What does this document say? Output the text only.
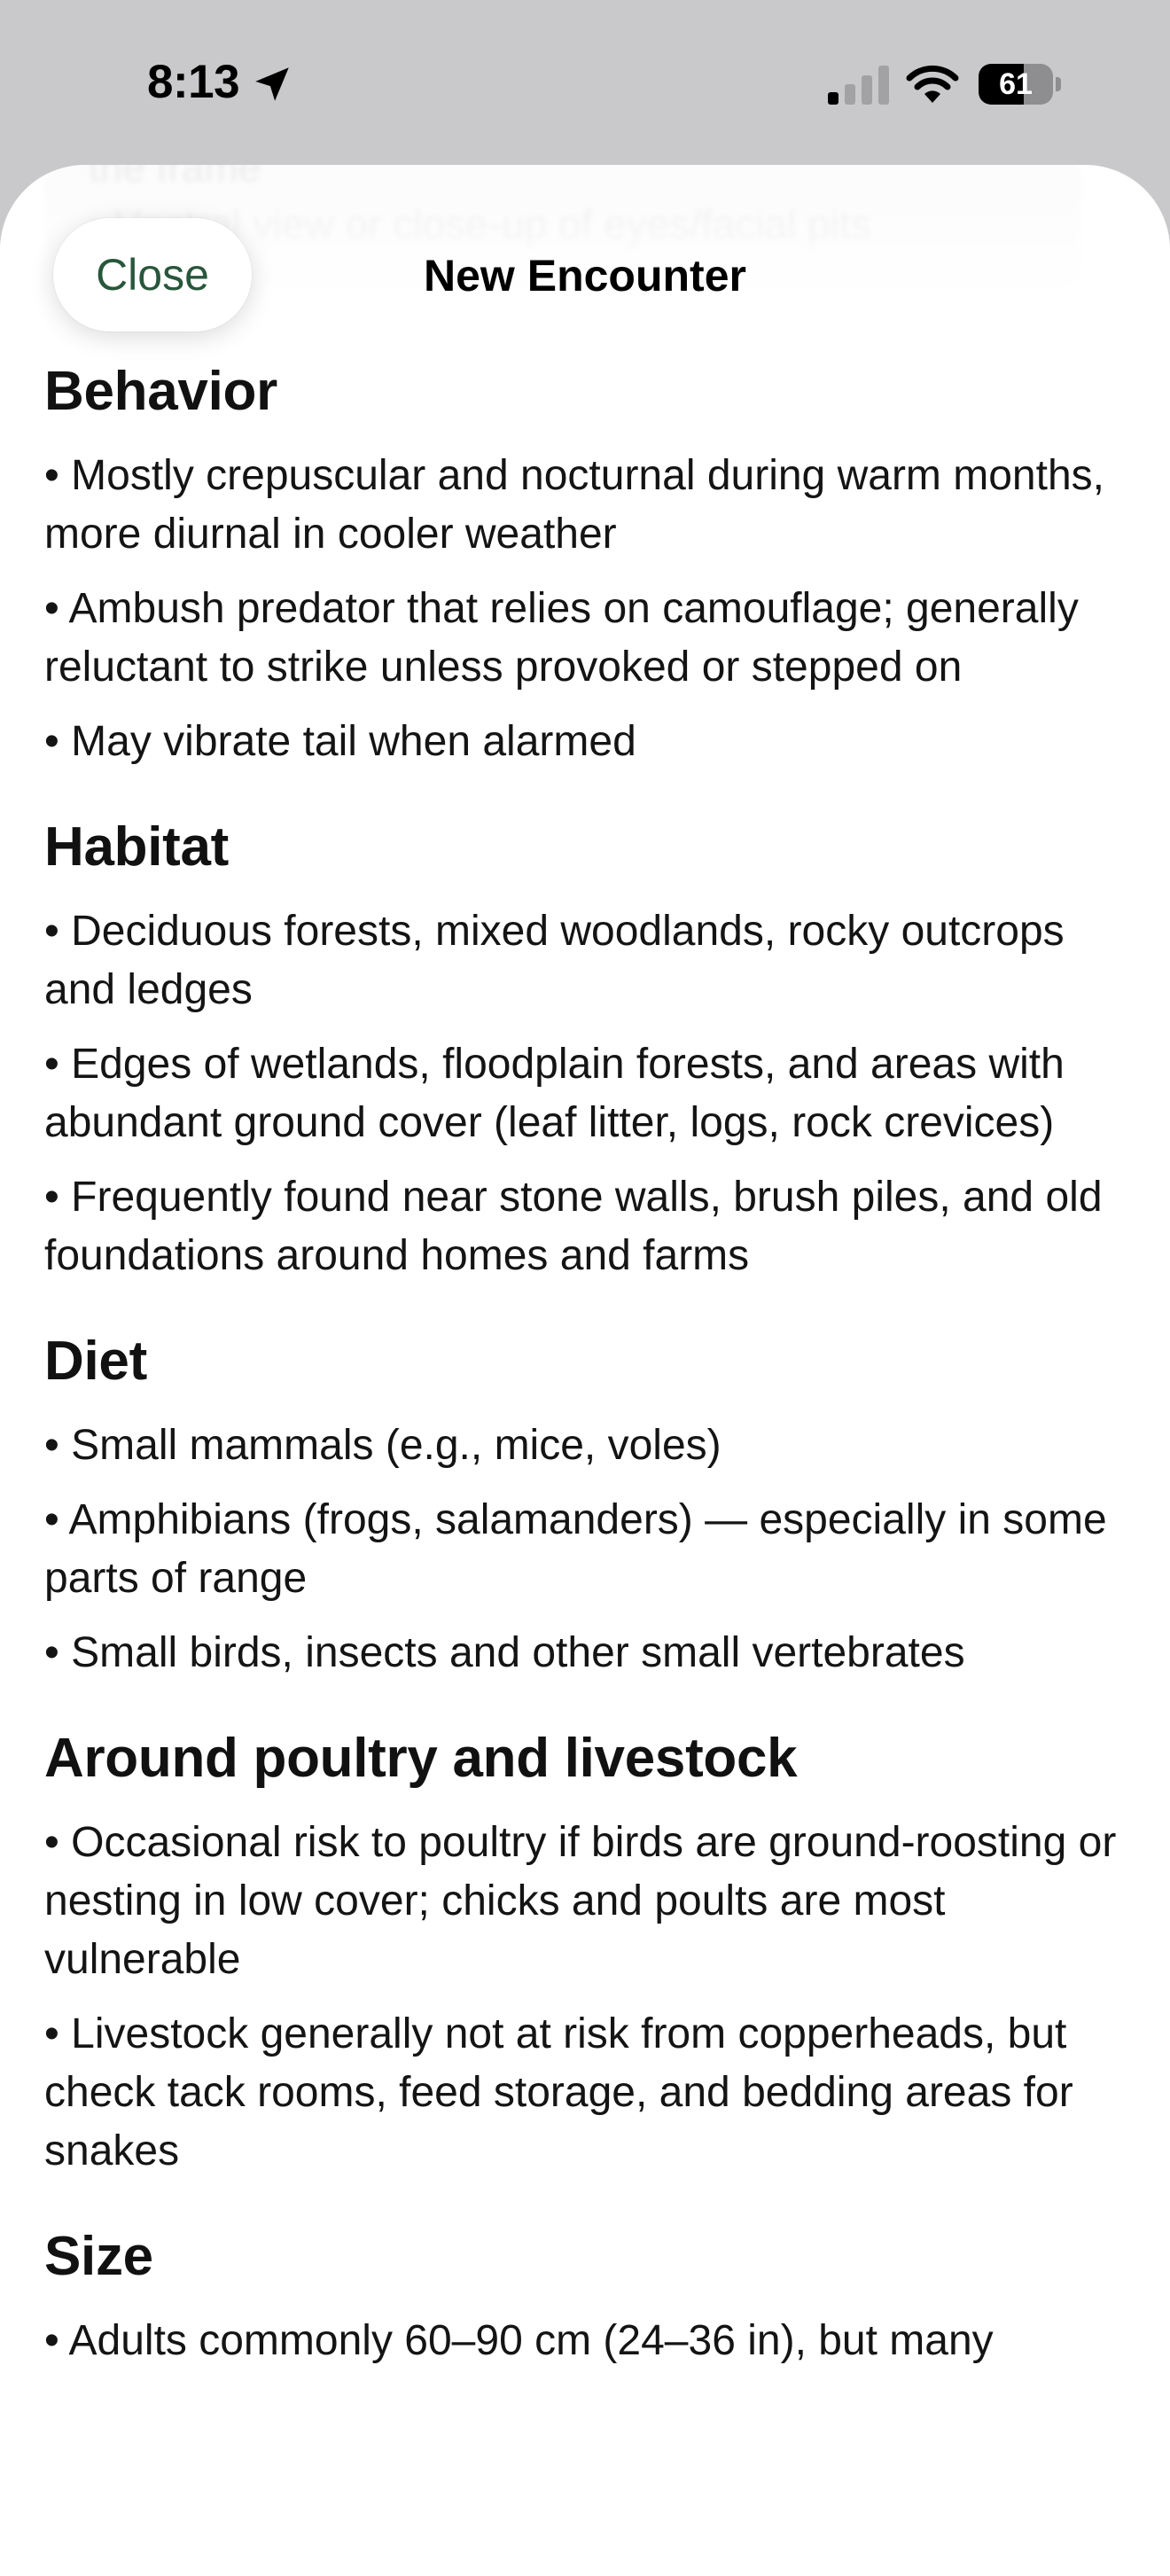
8:13	61
Close	New Encounter
Behavior
• Mostly crepuscular and nocturnal during warm months, more diurnal in cooler weather
• Ambush predator that relies on camouflage; generally reluctant to strike unless provoked or stepped on
• May vibrate tail when alarmed
Habitat
• Deciduous forests, mixed woodlands, rocky outcrops and ledges
• Edges of wetlands, floodplain forests, and areas with abundant ground cover (leaf litter, logs, rock crevices)
• Frequently found near stone walls, brush piles, and old foundations around homes and farms
Diet
• Small mammals (e.g., mice, voles)
• Amphibians (frogs, salamanders) — especially in some parts of range
• Small birds, insects and other small vertebrates
Around poultry and livestock
• Occasional risk to poultry if birds are ground-roosting or nesting in low cover; chicks and poults are most vulnerable
• Livestock generally not at risk from copperheads, but check tack rooms, feed storage, and bedding areas for snakes
Size
• Adults commonly 60–90 cm (24–36 in), but many
